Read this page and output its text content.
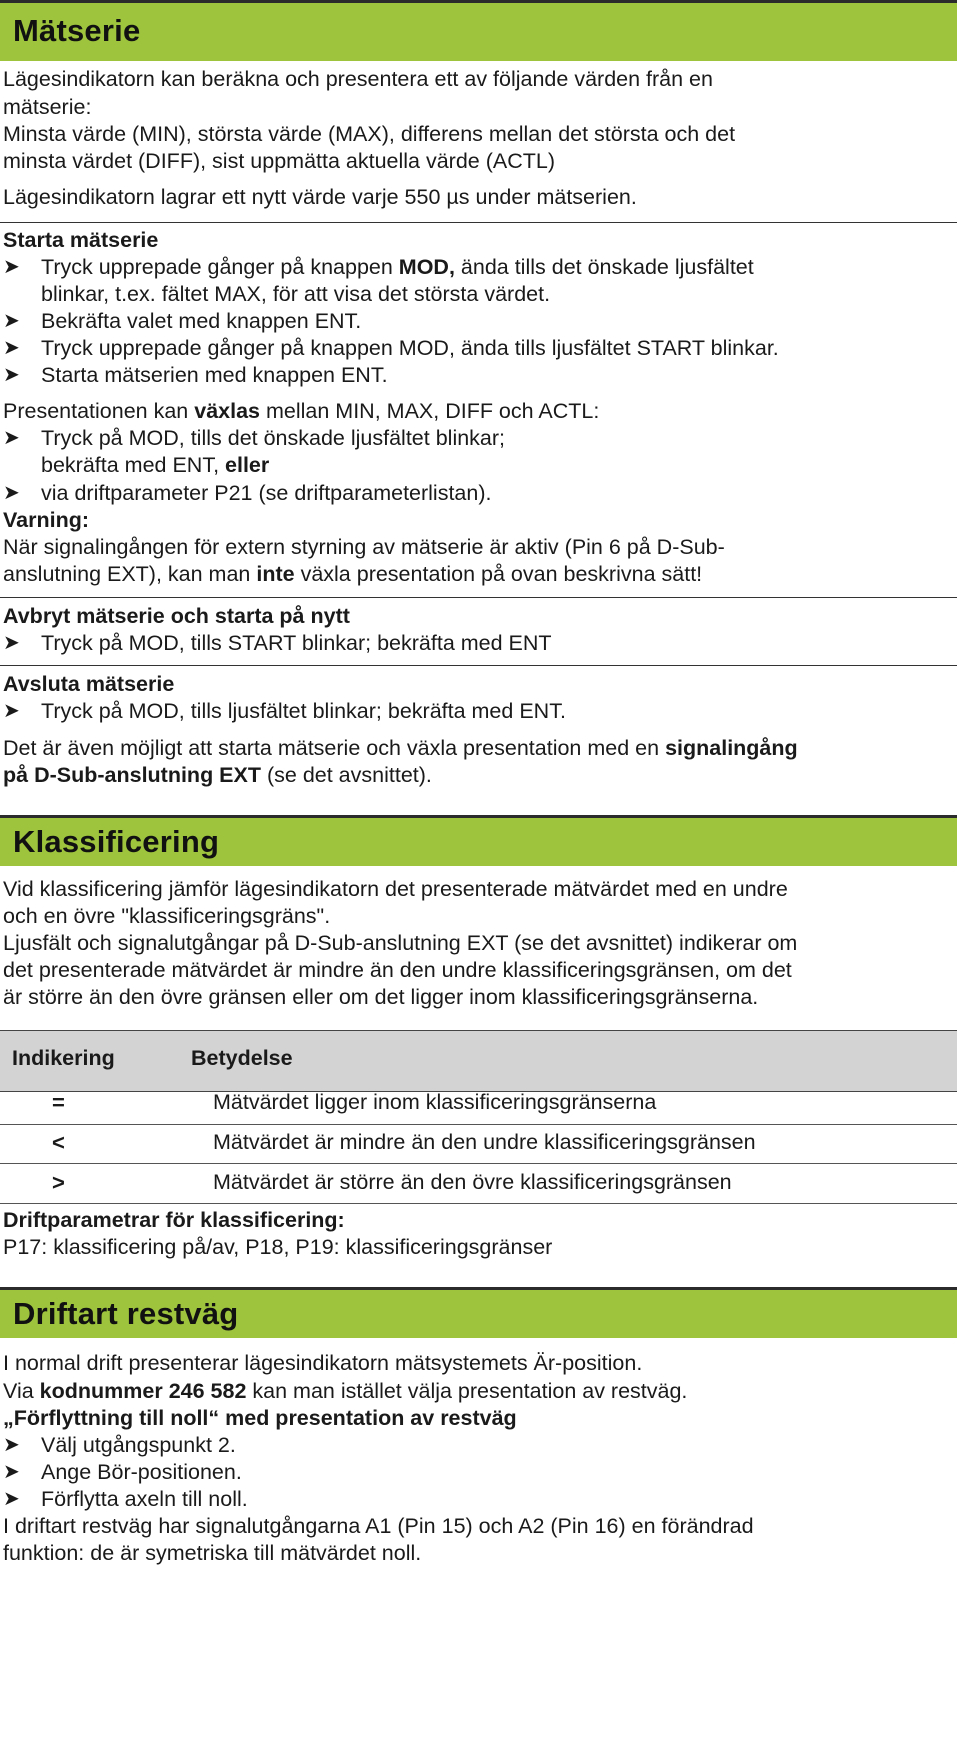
Mätserie
Lägesindikatorn kan beräkna och presentera ett av följande värden från en
mätserie:
Minsta värde (MIN), största värde (MAX), differens mellan det största och det
minsta värdet (DIFF), sist uppmätta aktuella värde (ACTL)
Lägesindikatorn lagrar ett nytt värde varje 550 µs under mätserien.
Starta mätserie
➤ Tryck upprepade gånger på knappen MOD, ända tills det önskade ljusfältet
blinkar, t.ex. fältet MAX, för att visa det största värdet.
➤ Bekräfta valet med knappen ENT.
➤ Tryck upprepade gånger på knappen MOD, ända tills ljusfältet START blinkar.
➤ Starta mätserien med knappen ENT.
Presentationen kan växlas mellan MIN, MAX, DIFF och ACTL:
➤ Tryck på MOD, tills det önskade ljusfältet blinkar;
bekräfta med ENT, eller
➤ via driftparameter P21 (se driftparameterlistan).
Varning:
När signalingången för extern styrning av mätserie är aktiv (Pin 6 på D-Sub-
anslutning EXT), kan man inte växla presentation på ovan beskrivna sätt!
Avbryt mätserie och starta på nytt
➤ Tryck på MOD, tills START blinkar; bekräfta med ENT
Avsluta mätserie
➤ Tryck på MOD, tills ljusfältet blinkar; bekräfta med ENT.
Det är även möjligt att starta mätserie och växla presentation med en signalingång
på D-Sub-anslutning EXT (se det avsnittet).
Klassificering
Vid klassificering jämför lägesindikatorn det presenterade mätvärdet med en undre
och en övre "klassificeringsgräns".
Ljusfält och signalutgångar på D-Sub-anslutning EXT (se det avsnittet) indikerar om
det presenterade mätvärdet är mindre än den undre klassificeringsgränsen, om det
är större än den övre gränsen eller om det ligger inom klassificeringsgränserna.
Indikering	Betydelse
=	Mätvärdet ligger inom klassificeringsgränserna
<	Mätvärdet är mindre än den undre klassificeringsgränsen
>	Mätvärdet är större än den övre klassificeringsgränsen
Driftparametrar för klassificering:
P17: klassificering på/av, P18, P19: klassificeringsgränser
Driftart restväg
I normal drift presenterar lägesindikatorn mätsystemets Är-position.
Via kodnummer 246 582 kan man istället välja presentation av restväg.
„Förflyttning till noll“ med presentation av restväg
➤ Välj utgångspunkt 2.
➤ Ange Bör-positionen.
➤ Förflytta axeln till noll.
I driftart restväg har signalutgångarna A1 (Pin 15) och A2 (Pin 16) en förändrad
funktion: de är symetriska till mätvärdet noll.
